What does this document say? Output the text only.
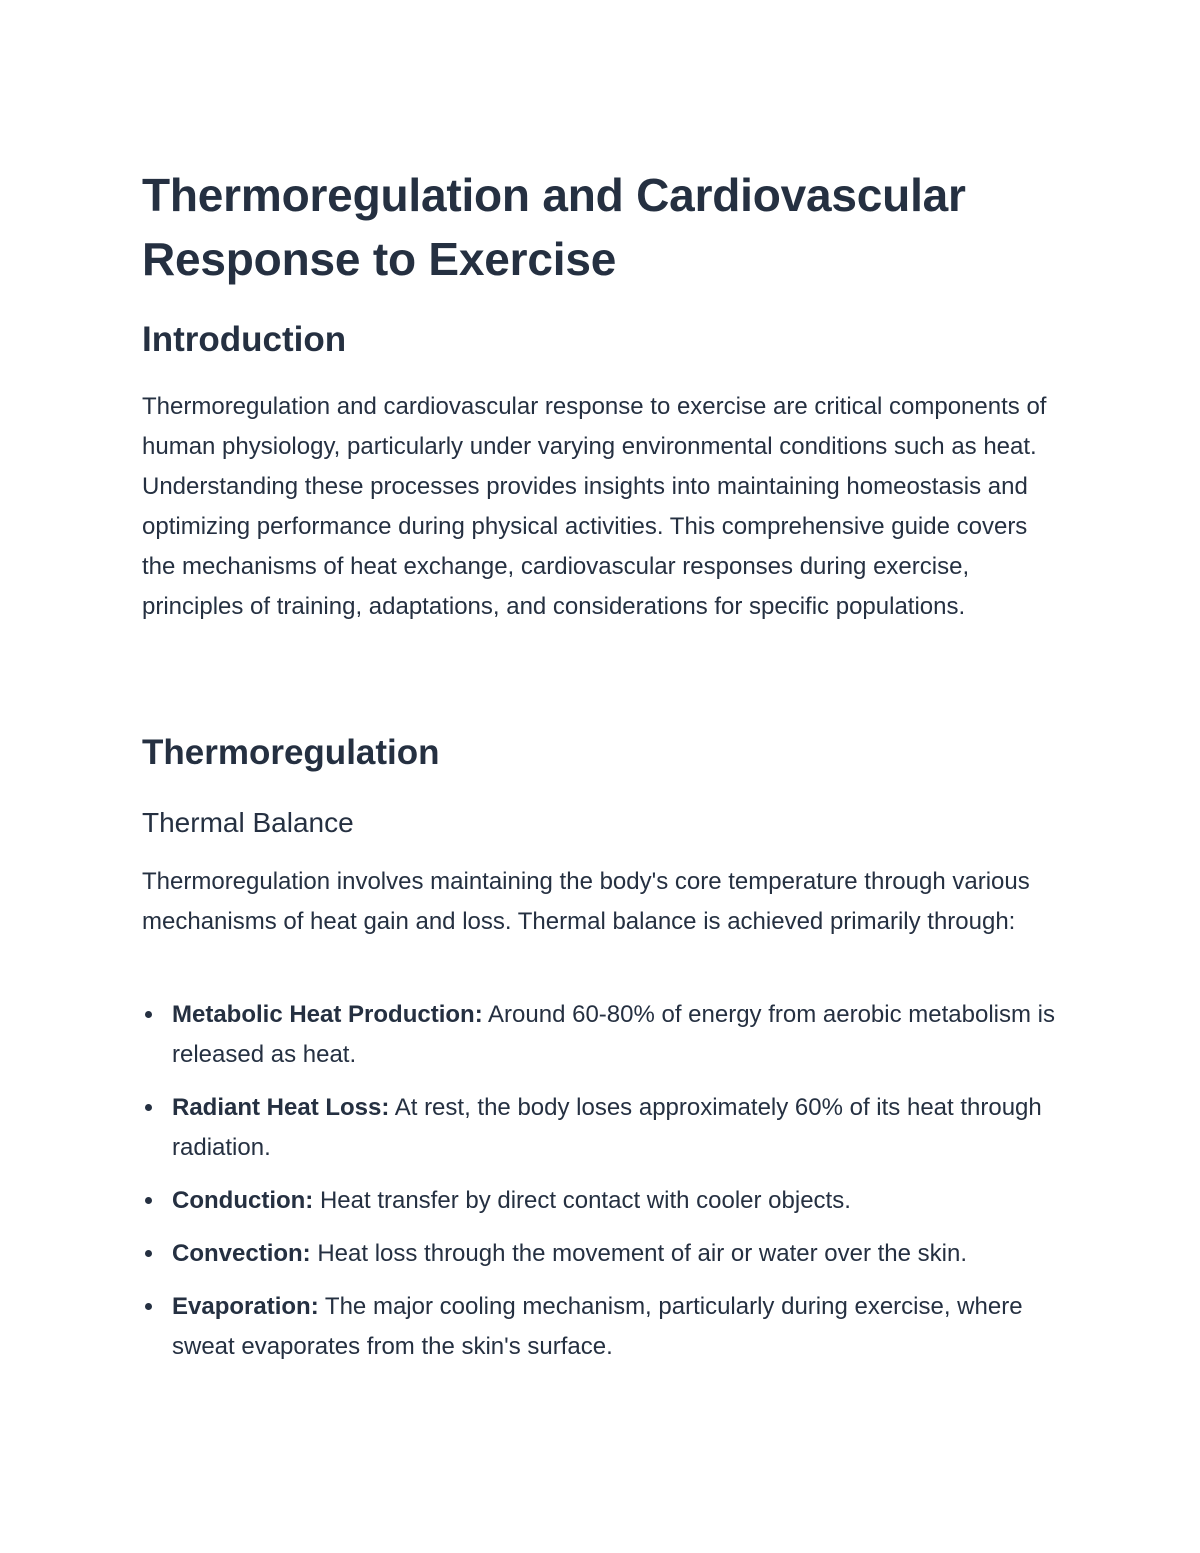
Thermoregulation and Cardiovascular Response to Exercise
Introduction

Thermoregulation and cardiovascular response to exercise are critical components of human physiology, particularly under varying environmental conditions such as heat. Understanding these processes provides insights into maintaining homeostasis and optimizing performance during physical activities. This comprehensive guide covers the mechanisms of heat exchange, cardiovascular responses during exercise, principles of training, adaptations, and considerations for specific populations.

Thermoregulation
Thermal Balance

Thermoregulation involves maintaining the body's core temperature through various mechanisms of heat gain and loss. Thermal balance is achieved primarily through:

Metabolic Heat Production: Around 60-80% of energy from aerobic metabolism is released as heat.
Radiant Heat Loss: At rest, the body loses approximately 60% of its heat through radiation.
Conduction: Heat transfer by direct contact with cooler objects.
Convection: Heat loss through the movement of air or water over the skin.
Evaporation: The major cooling mechanism, particularly during exercise, where sweat evaporates from the skin's surface.
